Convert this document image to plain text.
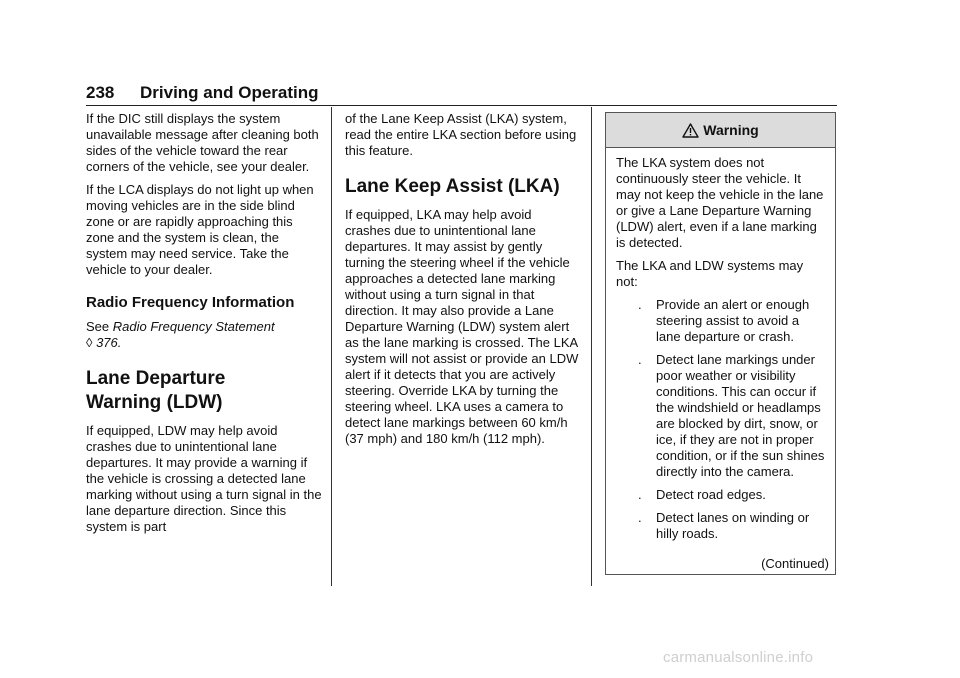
238 Driving and Operating

If the DIC still displays the system unavailable message after cleaning both sides of the vehicle toward the rear corners of the vehicle, see your dealer.

If the LCA displays do not light up when moving vehicles are in the side blind zone or are rapidly approaching this zone and the system is clean, the system may need service. Take the vehicle to your dealer.

Radio Frequency Information

See Radio Frequency Statement
◊ 376.

Lane Departure
Warning (LDW)

If equipped, LDW may help avoid crashes due to unintentional lane departures. It may provide a warning if the vehicle is crossing a detected lane marking without using a turn signal in the lane departure direction. Since this system is part

of the Lane Keep Assist (LKA) system, read the entire LKA section before using this feature.

Lane Keep Assist (LKA)

If equipped, LKA may help avoid crashes due to unintentional lane departures. It may assist by gently turning the steering wheel if the vehicle approaches a detected lane marking without using a turn signal in that direction. It may also provide a Lane Departure Warning (LDW) system alert as the lane marking is crossed. The LKA system will not assist or provide an LDW alert if it detects that you are actively steering. Override LKA by turning the steering wheel. LKA uses a camera to detect lane markings between 60 km/h (37 mph) and 180 km/h (112 mph).

Warning

The LKA system does not continuously steer the vehicle. It may not keep the vehicle in the lane or give a Lane Departure Warning (LDW) alert, even if a lane marking is detected.

The LKA and LDW systems may not:

. Provide an alert or enough steering assist to avoid a lane departure or crash.
. Detect lane markings under poor weather or visibility conditions. This can occur if the windshield or headlamps are blocked by dirt, snow, or ice, if they are not in proper condition, or if the sun shines directly into the camera.
. Detect road edges.
. Detect lanes on winding or hilly roads.
(Continued)
carmanualsonline.info
